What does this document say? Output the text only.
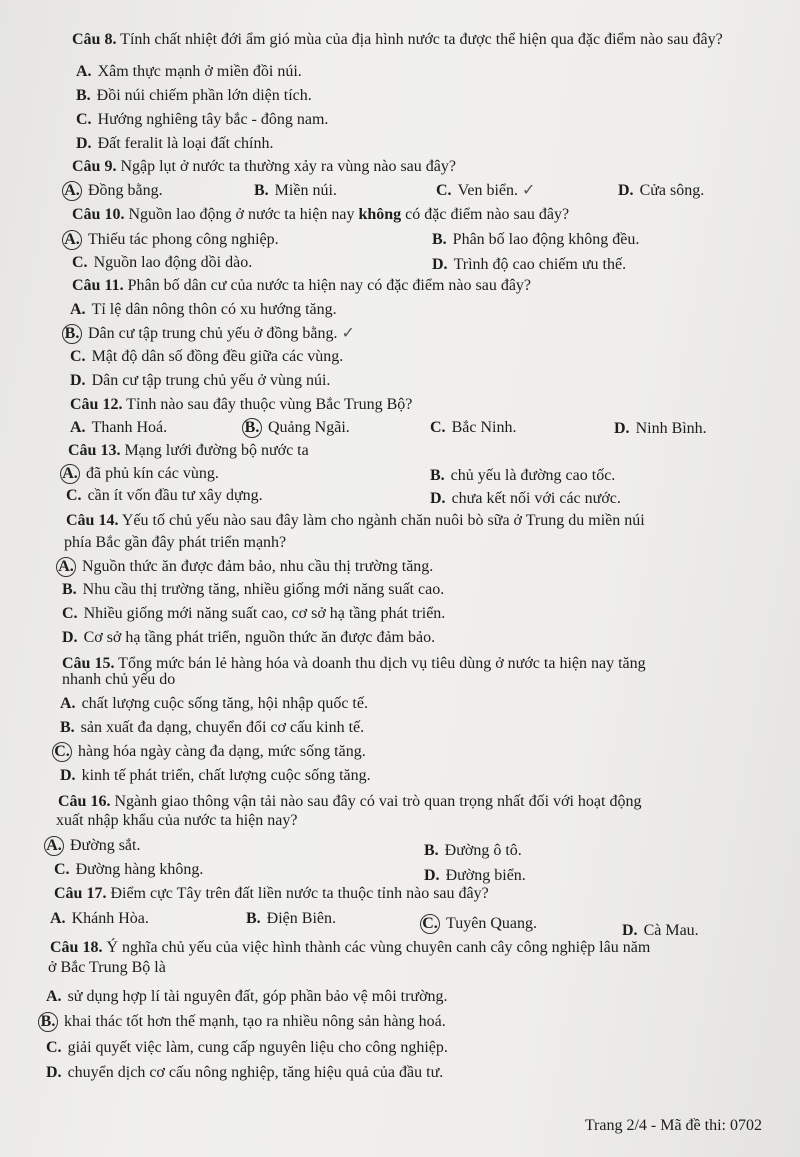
Câu 8. Tính chất nhiệt đới ẩm gió mùa của địa hình nước ta được thể hiện qua đặc điểm nào sau đây?
A. Xâm thực mạnh ở miền đồi núi.
B. Đồi núi chiếm phần lớn diện tích.
C. Hướng nghiêng tây bắc - đông nam.
D. Đất feralit là loại đất chính.
Câu 9. Ngập lụt ở nước ta thường xảy ra vùng nào sau đây?
A. Đồng bằng.	B. Miền núi.	C. Ven biển. ✓	D. Cửa sông.
Câu 10. Nguồn lao động ở nước ta hiện nay không có đặc điểm nào sau đây?
A. Thiếu tác phong công nghiệp.	B. Phân bố lao động không đều.
C. Nguồn lao động dồi dào.	D. Trình độ cao chiếm ưu thế.
Câu 11. Phân bố dân cư của nước ta hiện nay có đặc điểm nào sau đây?
A. Tỉ lệ dân nông thôn có xu hướng tăng.
B. Dân cư tập trung chủ yếu ở đồng bằng. ✓
C. Mật độ dân số đồng đều giữa các vùng.
D. Dân cư tập trung chủ yếu ở vùng núi.
Câu 12. Tỉnh nào sau đây thuộc vùng Bắc Trung Bộ?
A. Thanh Hoá.	B. Quảng Ngãi.	C. Bắc Ninh.	D. Ninh Bình.
Câu 13. Mạng lưới đường bộ nước ta
A. đã phủ kín các vùng.	B. chủ yếu là đường cao tốc.
C. cần ít vốn đầu tư xây dựng.	D. chưa kết nối với các nước.
Câu 14. Yếu tố chủ yếu nào sau đây làm cho ngành chăn nuôi bò sữa ở Trung du miền núi
phía Bắc gần đây phát triển mạnh?
A. Nguồn thức ăn được đảm bảo, nhu cầu thị trường tăng.
B. Nhu cầu thị trường tăng, nhiều giống mới năng suất cao.
C. Nhiều giống mới năng suất cao, cơ sở hạ tầng phát triển.
D. Cơ sở hạ tầng phát triển, nguồn thức ăn được đảm bảo.
Câu 15. Tổng mức bán lẻ hàng hóa và doanh thu dịch vụ tiêu dùng ở nước ta hiện nay tăng
nhanh chủ yếu do
A. chất lượng cuộc sống tăng, hội nhập quốc tế.
B. sản xuất đa dạng, chuyển đổi cơ cấu kinh tế.
C. hàng hóa ngày càng đa dạng, mức sống tăng.
D. kinh tế phát triển, chất lượng cuộc sống tăng.
Câu 16. Ngành giao thông vận tải nào sau đây có vai trò quan trọng nhất đối với hoạt động
xuất nhập khẩu của nước ta hiện nay?
A. Đường sắt.	B. Đường ô tô.
C. Đường hàng không.	D. Đường biển.
Câu 17. Điểm cực Tây trên đất liền nước ta thuộc tỉnh nào sau đây?
A. Khánh Hòa.	B. Điện Biên.	C. Tuyên Quang.	D. Cà Mau.
Câu 18. Ý nghĩa chủ yếu của việc hình thành các vùng chuyên canh cây công nghiệp lâu năm
ở Bắc Trung Bộ là
A. sử dụng hợp lí tài nguyên đất, góp phần bảo vệ môi trường.
B. khai thác tốt hơn thế mạnh, tạo ra nhiều nông sản hàng hoá.
C. giải quyết việc làm, cung cấp nguyên liệu cho công nghiệp.
D. chuyển dịch cơ cấu nông nghiệp, tăng hiệu quả của đầu tư.
Trang 2/4 - Mã đề thi: 0702
